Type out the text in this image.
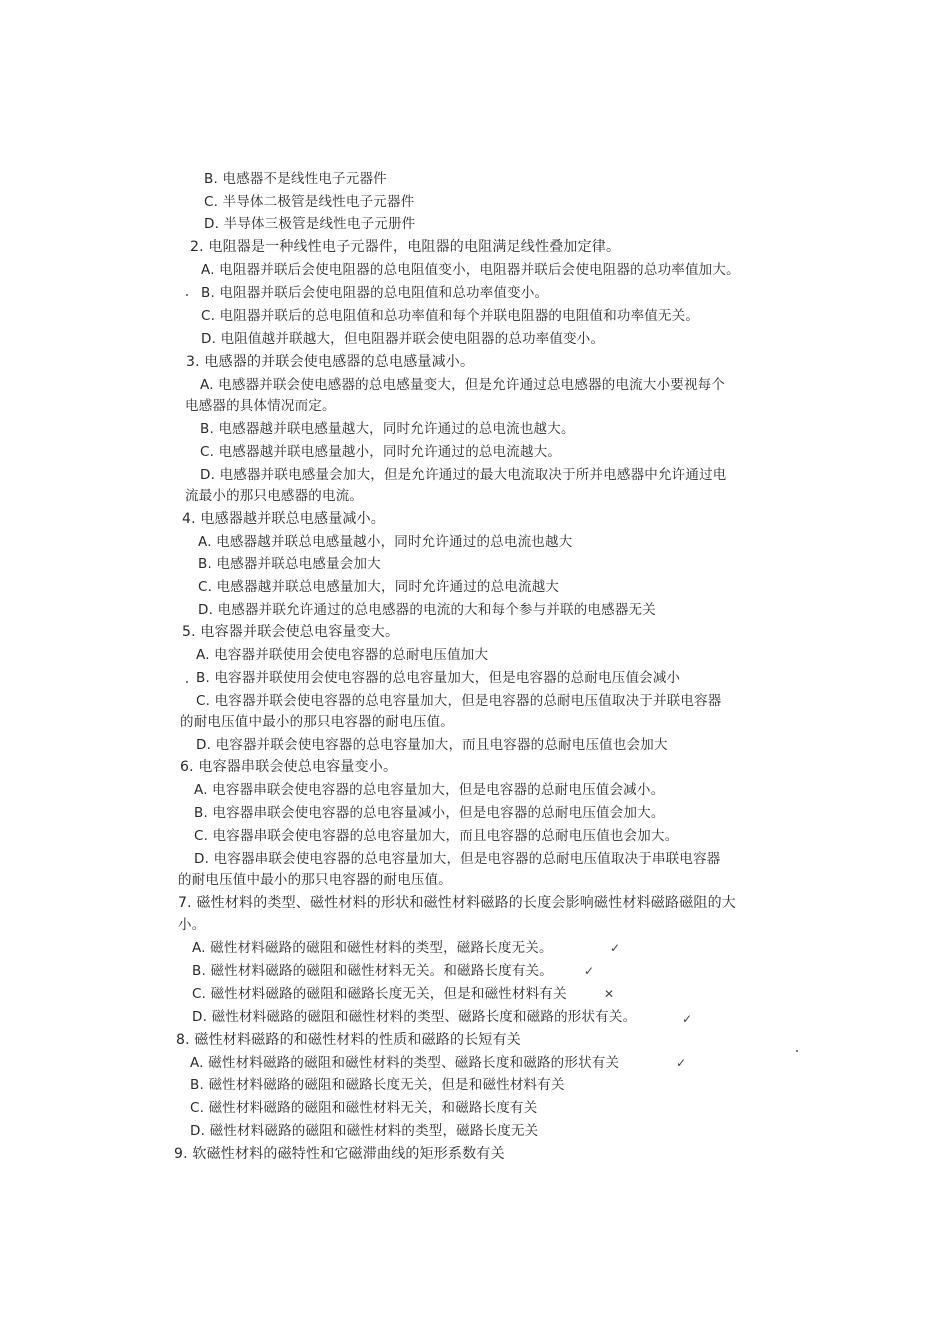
B. 电感器不是线性电子元器件
C. 半导体二极管是线性电子元器件
D. 半导体三极管是线性电子元册件
2. 电阻器是一种线性电子元器件，电阻器的电阻满足线性叠加定律。
A. 电阻器并联后会使电阻器的总电阻值变小，电阻器并联后会使电阻器的总功率值加大。
B. 电阻器并联后会使电阻器的总电阻值和总功率值变小。
C. 电阻器并联后的总电阻值和总功率值和每个并联电阻器的电阻值和功率值无关。
D. 电阻值越并联越大，但电阻器并联会使电阻器的总功率值变小。
3. 电感器的并联会使电感器的总电感量减小。
A. 电感器并联会使电感器的总电感量变大，但是允许通过总电感器的电流大小要视每个
电感器的具体情况而定。
B. 电感器越并联电感量越大，同时允许通过的总电流也越大。
C. 电感器越并联电感量越小，同时允许通过的总电流越大。
D. 电感器并联电感量会加大，但是允许通过的最大电流取决于所并电感器中允许通过电
流最小的那只电感器的电流。
4. 电感器越并联总电感量减小。
A. 电感器越并联总电感量越小，同时允许通过的总电流也越大
B. 电感器并联总电感量会加大
C. 电感器越并联总电感量加大，同时允许通过的总电流越大
D. 电感器并联允许通过的总电感器的电流的大和每个参与并联的电感器无关
5. 电容器并联会使总电容量变大。
A. 电容器并联使用会使电容器的总耐电压值加大
B. 电容器并联使用会使电容器的总电容量加大，但是电容器的总耐电压值会减小
C. 电容器并联会使电容器的总电容量加大，但是电容器的总耐电压值取决于并联电容器
的耐电压值中最小的那只电容器的耐电压值。
D. 电容器并联会使电容器的总电容量加大，而且电容器的总耐电压值也会加大
6. 电容器串联会使总电容量变小。
A. 电容器串联会使电容器的总电容量加大，但是电容器的总耐电压值会减小。
B. 电容器串联会使电容器的总电容量减小，但是电容器的总耐电压值会加大。
C. 电容器串联会使电容器的总电容量加大，而且电容器的总耐电压值也会加大。
D. 电容器串联会使电容器的总电容量加大，但是电容器的总耐电压值取决于串联电容器
的耐电压值中最小的那只电容器的耐电压值。
7. 磁性材料的类型、磁性材料的形状和磁性材料磁路的长度会影响磁性材料磁路磁阻的大
小。
A. 磁性材料磁路的磁阻和磁性材料的类型，磁路长度无关。
B. 磁性材料磁路的磁阻和磁性材料无关。和磁路长度有关。
C. 磁性材料磁路的磁阻和磁路长度无关，但是和磁性材料有关
D. 磁性材料磁路的磁阻和磁性材料的类型、磁路长度和磁路的形状有关。
8. 磁性材料磁路的和磁性材料的性质和磁路的长短有关
A. 磁性材料磁路的磁阻和磁性材料的类型、磁路长度和磁路的形状有关
B. 磁性材料磁路的磁阻和磁路长度无关，但是和磁性材料有关
C. 磁性材料磁路的磁阻和磁性材料无关，和磁路长度有关
D. 磁性材料磁路的磁阻和磁性材料的类型，磁路长度无关
9. 软磁性材料的磁特性和它磁滞曲线的矩形系数有关
✓
✓
✕
✓
✓
